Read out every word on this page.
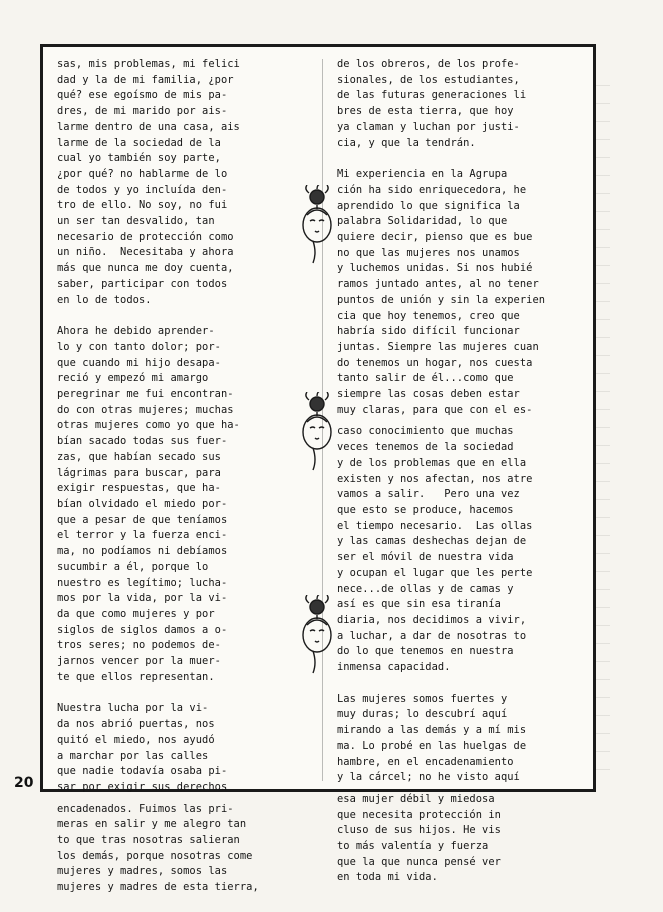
sas, mis problemas, mi felici
dad y la de mi familia, ¿por
qué? ese egoísmo de mis pa-
dres, de mi marido por ais-
larme dentro de una casa, ais
larme de la sociedad de la
cual yo también soy parte,
¿por qué? no hablarme de lo
de todos y yo incluída den-
tro de ello. No soy, no fui
un ser tan desvalido, tan
necesario de protección como
un niño.  Necesitaba y ahora
más que nunca me doy cuenta,
saber, participar con todos
en lo de todos.

Ahora he debido aprender-
lo y con tanto dolor; por-
que cuando mi hijo desapa-
reció y empezó mi amargo
peregrinar me fui encontran-
do con otras mujeres; muchas
otras mujeres como yo que ha-
bían sacado todas sus fuer-
zas, que habían secado sus
lágrimas para buscar, para
exigir respuestas, que ha-
bían olvidado el miedo por-
que a pesar de que teníamos
el terror y la fuerza enci-
ma, no podíamos ni debíamos
sucumbir a él, porque lo
nuestro es legítimo; lucha-
mos por la vida, por la vi-
da que como mujeres y por
siglos de siglos damos a o-
tros seres; no podemos de-
jarnos vencer por la muer-
te que ellos representan.

Nuestra lucha por la vi-
da nos abrió puertas, nos
quitó el miedo, nos ayudó
a marchar por las calles
que nadie todavía osaba pi-
sar por exigir sus derechos

encadenados. Fuimos las pri-
meras en salir y me alegro tan
to que tras nosotras salieran
los demás, porque nosotras come
mujeres y madres, somos las
mujeres y madres de esta tierra,

de los obreros, de los profe-
sionales, de los estudiantes,
de las futuras generaciones li
bres de esta tierra, que hoy
ya claman y luchan por justi-
cia, y que la tendrán.

Mi experiencia en la Agrupa
ción ha sido enriquecedora, he
aprendido lo que significa la
palabra Solidaridad, lo que
quiere decir, pienso que es bue
no que las mujeres nos unamos
y luchemos unidas. Si nos hubié
ramos juntado antes, al no tener
puntos de unión y sin la experien
cia que hoy tenemos, creo que
habría sido difícil funcionar
juntas. Siempre las mujeres cuan
do tenemos un hogar, nos cuesta
tanto salir de él...como que
siempre las cosas deben estar
muy claras, para que con el es-

caso conocimiento que muchas
veces tenemos de la sociedad
y de los problemas que en ella
existen y nos afectan, nos atre
vamos a salir.   Pero una vez
que esto se produce, hacemos
el tiempo necesario.  Las ollas
y las camas deshechas dejan de
ser el móvil de nuestra vida
y ocupan el lugar que les perte
nece...de ollas y de camas y
así es que sin esa tiranía
diaria, nos decidimos a vivir,
a luchar, a dar de nosotras to
do lo que tenemos en nuestra
inmensa capacidad.

Las mujeres somos fuertes y
muy duras; lo descubrí aquí
mirando a las demás y a mí mis
ma. Lo probé en las huelgas de
hambre, en el encadenamiento
y la cárcel; no he visto aquí

esa mujer débil y miedosa
que necesita protección in
cluso de sus hijos. He vis
to más valentía y fuerza
que la que nunca pensé ver
en toda mi vida.

20
